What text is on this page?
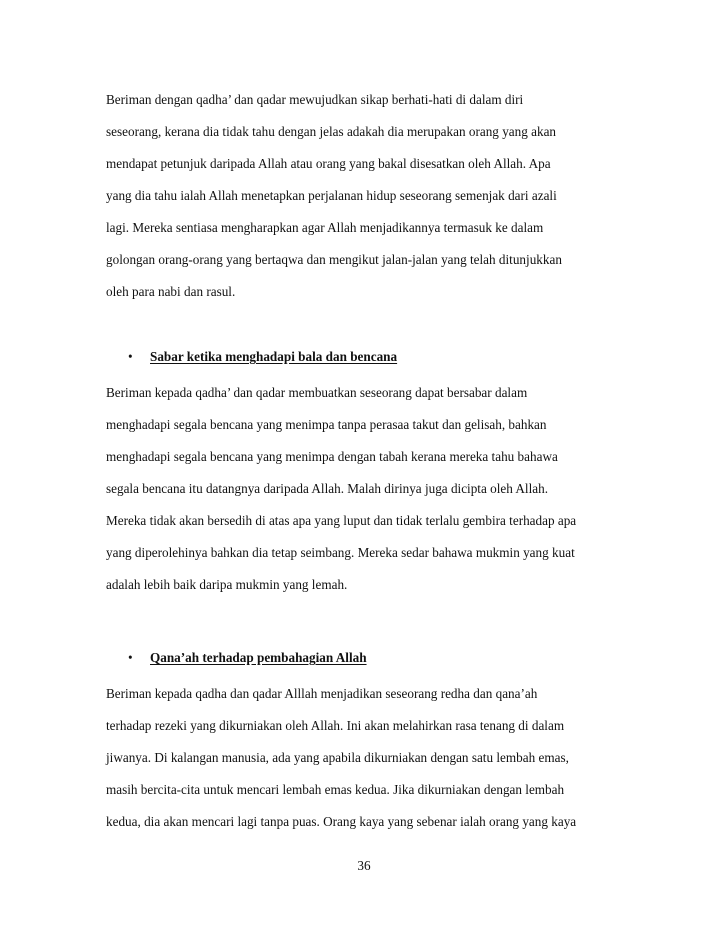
Beriman dengan qadha’ dan qadar mewujudkan sikap berhati-hati di dalam diri
seseorang, kerana dia tidak tahu dengan jelas adakah dia merupakan orang yang akan
mendapat petunjuk daripada Allah atau orang yang bakal disesatkan oleh Allah. Apa
yang dia tahu ialah Allah menetapkan perjalanan hidup seseorang semenjak dari azali
lagi. Mereka sentiasa mengharapkan agar Allah menjadikannya termasuk ke dalam
golongan orang-orang yang bertaqwa dan mengikut jalan-jalan yang telah ditunjukkan
oleh para nabi dan rasul.
• Sabar ketika menghadapi bala dan bencana
Beriman kepada qadha’ dan qadar membuatkan seseorang dapat bersabar dalam
menghadapi segala bencana yang menimpa tanpa perasaa takut dan gelisah, bahkan
menghadapi segala bencana yang menimpa dengan tabah kerana mereka tahu bahawa
segala bencana itu datangnya daripada Allah. Malah dirinya juga dicipta oleh Allah.
Mereka tidak akan bersedih di atas apa yang luput dan tidak terlalu gembira terhadap apa
yang diperolehinya bahkan dia tetap seimbang. Mereka sedar bahawa mukmin yang kuat
adalah lebih baik daripa mukmin yang lemah.
• Qana’ah terhadap pembahagian Allah
Beriman kepada qadha dan qadar Alllah menjadikan seseorang redha dan qana’ah
terhadap rezeki yang dikurniakan oleh Allah. Ini akan melahirkan rasa tenang di dalam
jiwanya. Di kalangan manusia, ada yang apabila dikurniakan dengan satu lembah emas,
masih bercita-cita untuk mencari lembah emas kedua. Jika dikurniakan dengan lembah
kedua, dia akan mencari lagi tanpa puas. Orang kaya yang sebenar ialah orang yang kaya
36
